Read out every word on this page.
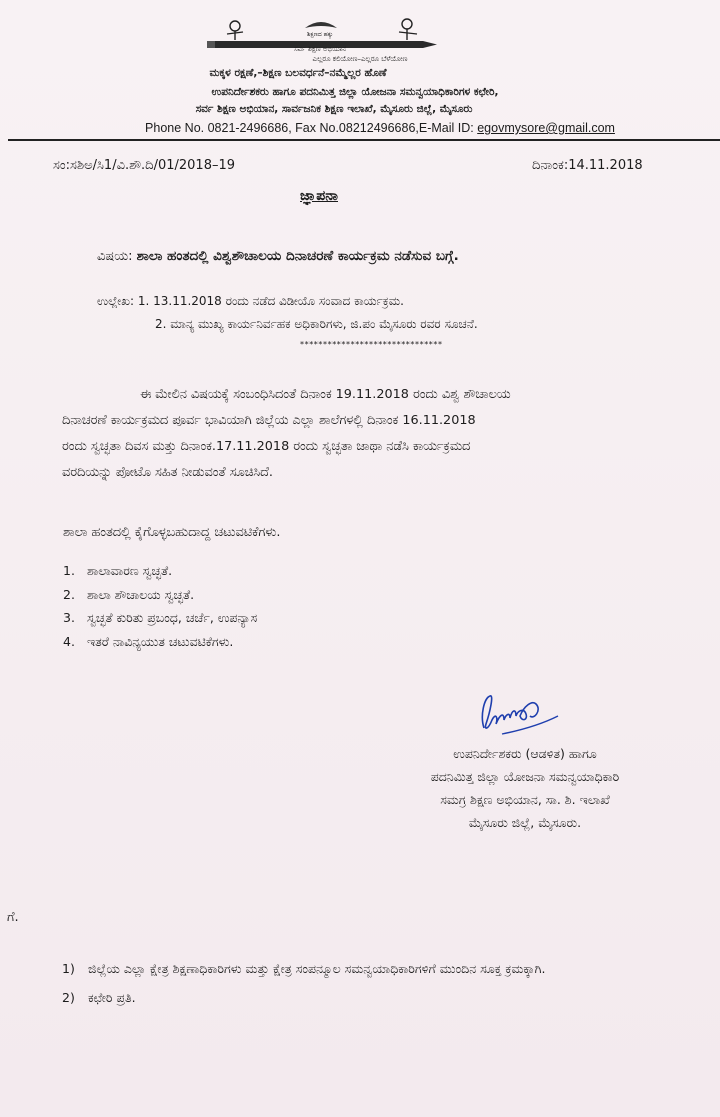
ಶಿಕ್ಷಣದ ಹಕ್ಕು
ಸರ್ವ ಶಿಕ್ಷಣ ಅಭಿಯಾನ
ಎಲ್ಲರೂ ಕಲಿಯೋಣ–ಎಲ್ಲರೂ ಬೆಳೆಯೋಣ
ಮಕ್ಕಳ ರಕ್ಷಣೆ,–ಶಿಕ್ಷಣ ಬಲವರ್ಧನೆ–ನಮ್ಮೆಲ್ಲರ ಹೊಣೆ
ಉಪನಿರ್ದೇಶಕರು ಹಾಗೂ ಪದನಿಮಿತ್ತ ಜಿಲ್ಲಾ ಯೋಜನಾ ಸಮನ್ವಯಾಧಿಕಾರಿಗಳ ಕಛೇರಿ,
ಸರ್ವ ಶಿಕ್ಷಣ ಅಭಿಯಾನ, ಸಾರ್ವಜನಿಕ ಶಿಕ್ಷಣ ಇಲಾಖೆ, ಮೈಸೂರು ಜಿಲ್ಲೆ, ಮೈಸೂರು
Phone No. 0821-2496686, Fax No.08212496686,E-Mail ID: egovmysore@gmail.com
ಸಂ:ಸಶಿಅ/ಸಿ1/ವಿ.ಶೌ.ದಿ/01/2018–19	ದಿನಾಂಕ:14.11.2018
ಜ್ಞಾಪನಾ
ವಿಷಯ: ಶಾಲಾ ಹಂತದಲ್ಲಿ ವಿಶ್ವಶೌಚಾಲಯ ದಿನಾಚರಣೆ ಕಾರ್ಯಕ್ರಮ ನಡೆಸುವ ಬಗ್ಗೆ.
ಉಲ್ಲೇಖ: 1. 13.11.2018 ರಂದು ನಡೆದ ವಿಡೀಯೊ ಸಂವಾದ ಕಾರ್ಯಕ್ರಮ.
2. ಮಾನ್ಯ ಮುಖ್ಯ ಕಾರ್ಯನಿರ್ವಹಕ ಅಧಿಕಾರಿಗಳು, ಜಿ.ಪಂ ಮೈಸೂರು ರವರ ಸೂಚನೆ.
*******************************
ಈ ಮೇಲಿನ ವಿಷಯಕ್ಕೆ ಸಂಬಂಧಿಸಿದಂತೆ ದಿನಾಂಕ 19.11.2018 ರಂದು ವಿಶ್ವ ಶೌಚಾಲಯ
ದಿನಾಚರಣೆ ಕಾರ್ಯಕ್ರಮದ ಪೂರ್ವ ಭಾವಿಯಾಗಿ ಜಿಲ್ಲೆಯ ಎಲ್ಲಾ ಶಾಲೆಗಳಲ್ಲಿ ದಿನಾಂಕ 16.11.2018
ರಂದು ಸ್ವಚ್ಛತಾ ದಿವಸ ಮತ್ತು ದಿನಾಂಕ.17.11.2018 ರಂದು ಸ್ವಚ್ಛತಾ ಜಾಥಾ ನಡೆಸಿ ಕಾರ್ಯಕ್ರಮದ
ವರದಿಯನ್ನು ಪೋಟೊ ಸಹಿತ ನೀಡುವಂತೆ ಸೂಚಿಸಿದೆ.
ಶಾಲಾ ಹಂತದಲ್ಲಿ ಕೈಗೊಳ್ಳಬಹುದಾದ್ದ ಚಟುವಟಿಕೆಗಳು.
1. ಶಾಲಾವಾರಣ ಸ್ವಚ್ಛತೆ.
2. ಶಾಲಾ ಶೌಚಾಲಯ ಸ್ವಚ್ಛತೆ.
3. ಸ್ವಚ್ಛತೆ ಕುರಿತು ಪ್ರಬಂಧ, ಚರ್ಚೆ, ಉಪನ್ಯಾಸ
4. ಇತರೆ ನಾವಿನ್ಯಯುತ ಚಟುವಟಿಕೆಗಳು.
ಉಪನಿರ್ದೇಶಕರು (ಆಡಳಿತ) ಹಾಗೂ
ಪದನಿಮಿತ್ತ ಜಿಲ್ಲಾ ಯೋಜನಾ ಸಮನ್ವಯಾಧಿಕಾರಿ
ಸಮಗ್ರ ಶಿಕ್ಷಣ ಅಭಿಯಾನ, ಸಾ. ಶಿ. ಇಲಾಖೆ
ಮೈಸೂರು ಜಿಲ್ಲೆ, ಮೈಸೂರು.
ಗೆ.
1) ಜಿಲ್ಲೆಯ ಎಲ್ಲಾ ಕ್ಷೇತ್ರ ಶಿಕ್ಷಣಾಧಿಕಾರಿಗಳು ಮತ್ತು ಕ್ಷೇತ್ರ ಸಂಪನ್ಮೂಲ ಸಮನ್ವಯಾಧಿಕಾರಿಗಳಿಗೆ ಮುಂದಿನ ಸೂಕ್ತ ಕ್ರಮಕ್ಕಾಗಿ.
2) ಕಛೇರಿ ಪ್ರತಿ.
